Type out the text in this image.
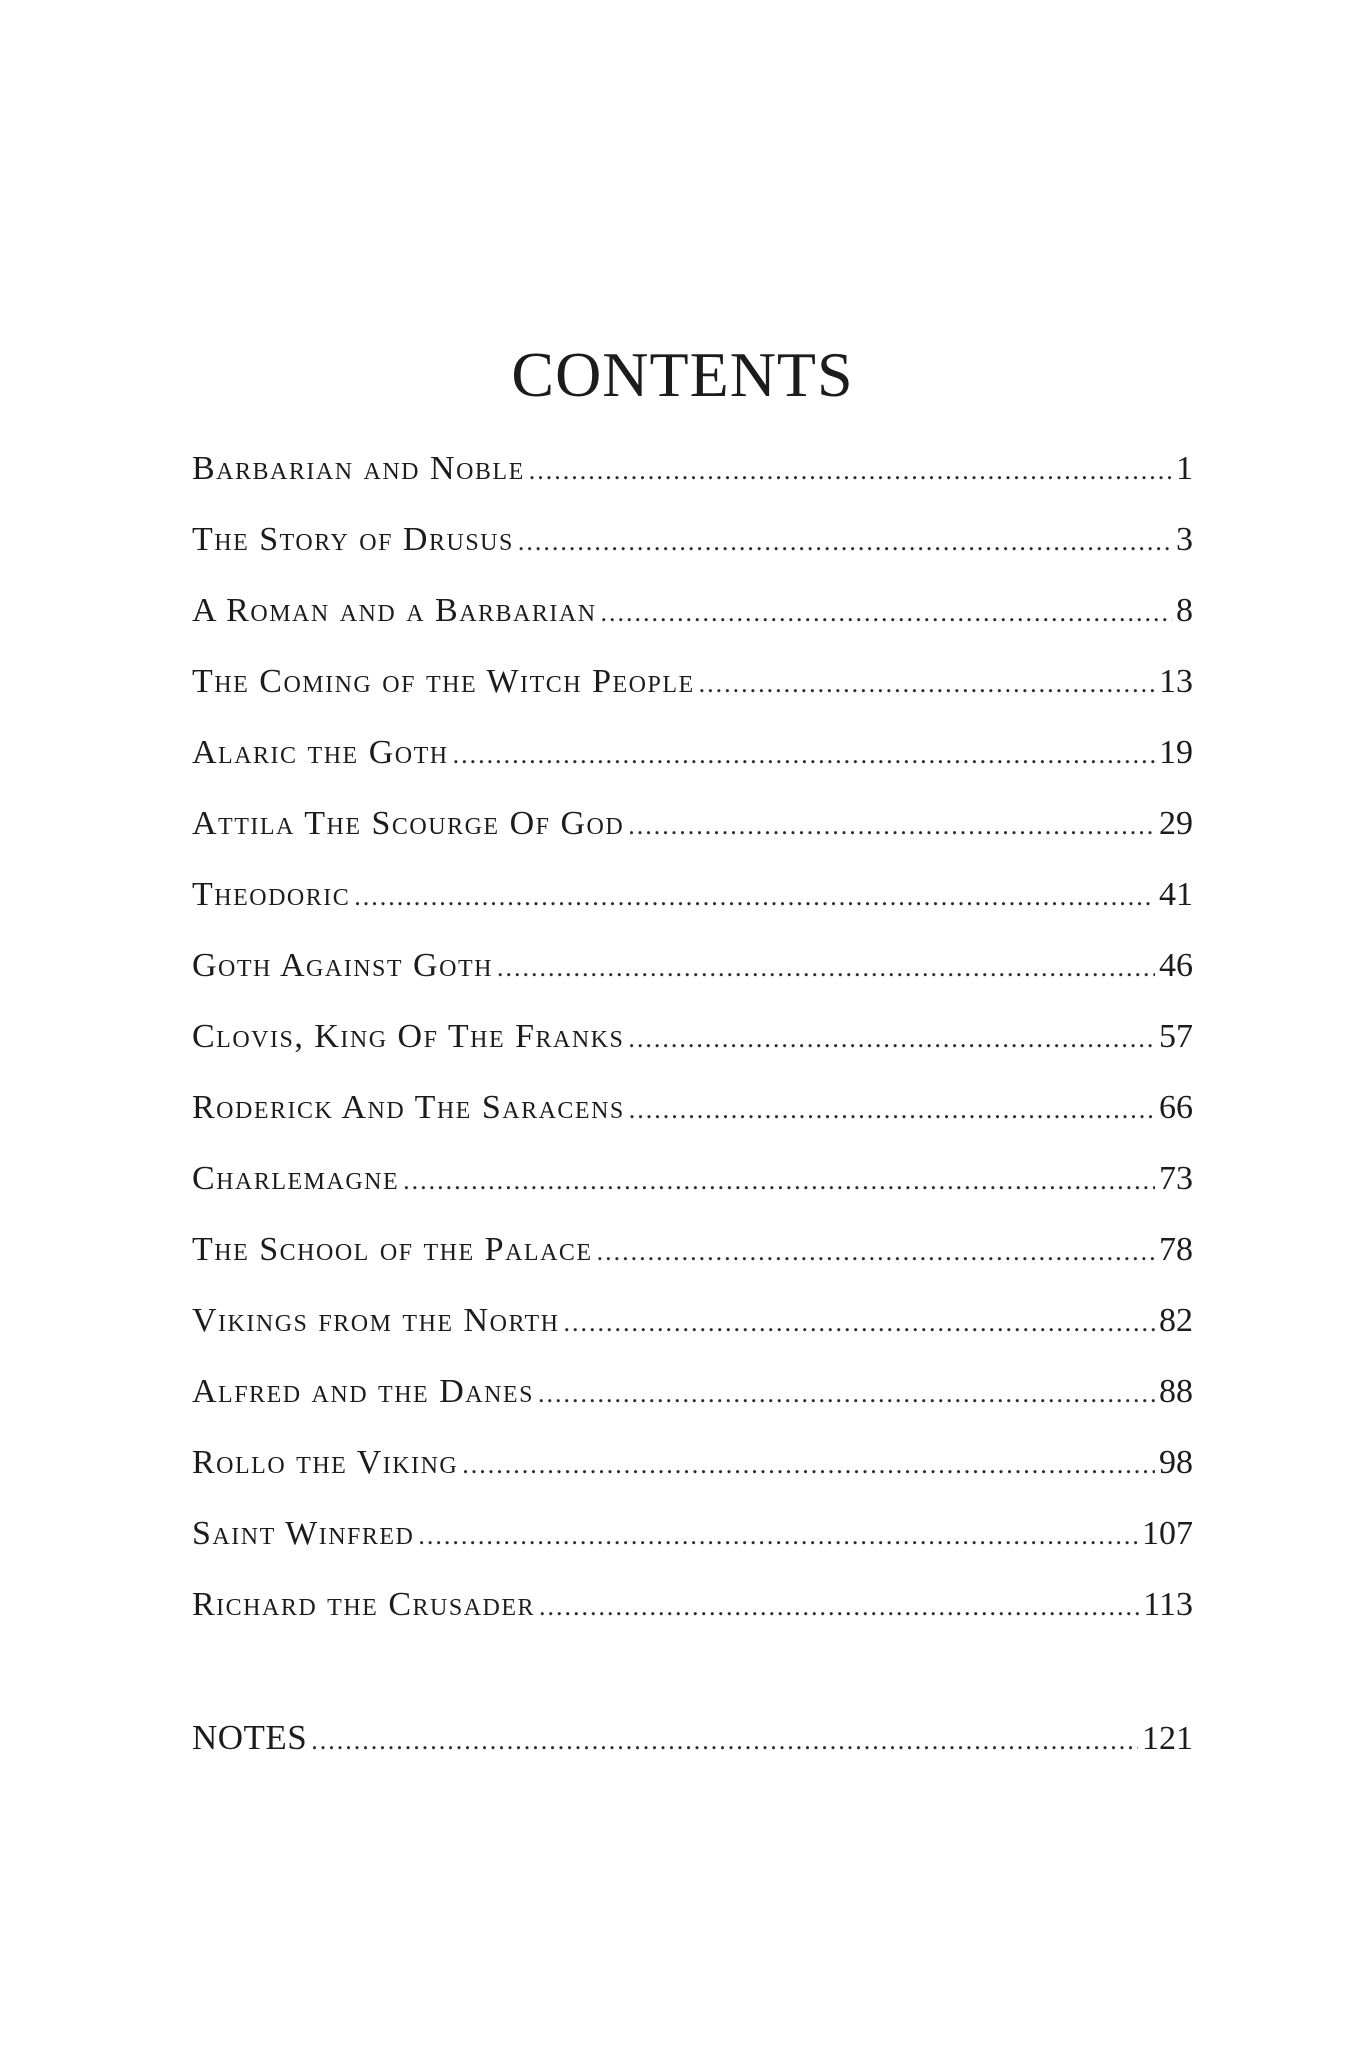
CONTENTS
Barbarian and Noble .....	1
The Story of Drusus .....	3
A Roman and a Barbarian .....	8
The Coming of the Witch People .....	13
Alaric the Goth .....	19
Attila The Scourge Of God .....	29
Theodoric .....	41
Goth Against Goth .....	46
Clovis, King Of The Franks .....	57
Roderick And The Saracens .....	66
Charlemagne .....	73
The School of the Palace .....	78
Vikings from the North .....	82
Alfred and the Danes .....	88
Rollo the Viking .....	98
Saint Winfred .....	107
Richard the Crusader .....	113
NOTES .....	121
